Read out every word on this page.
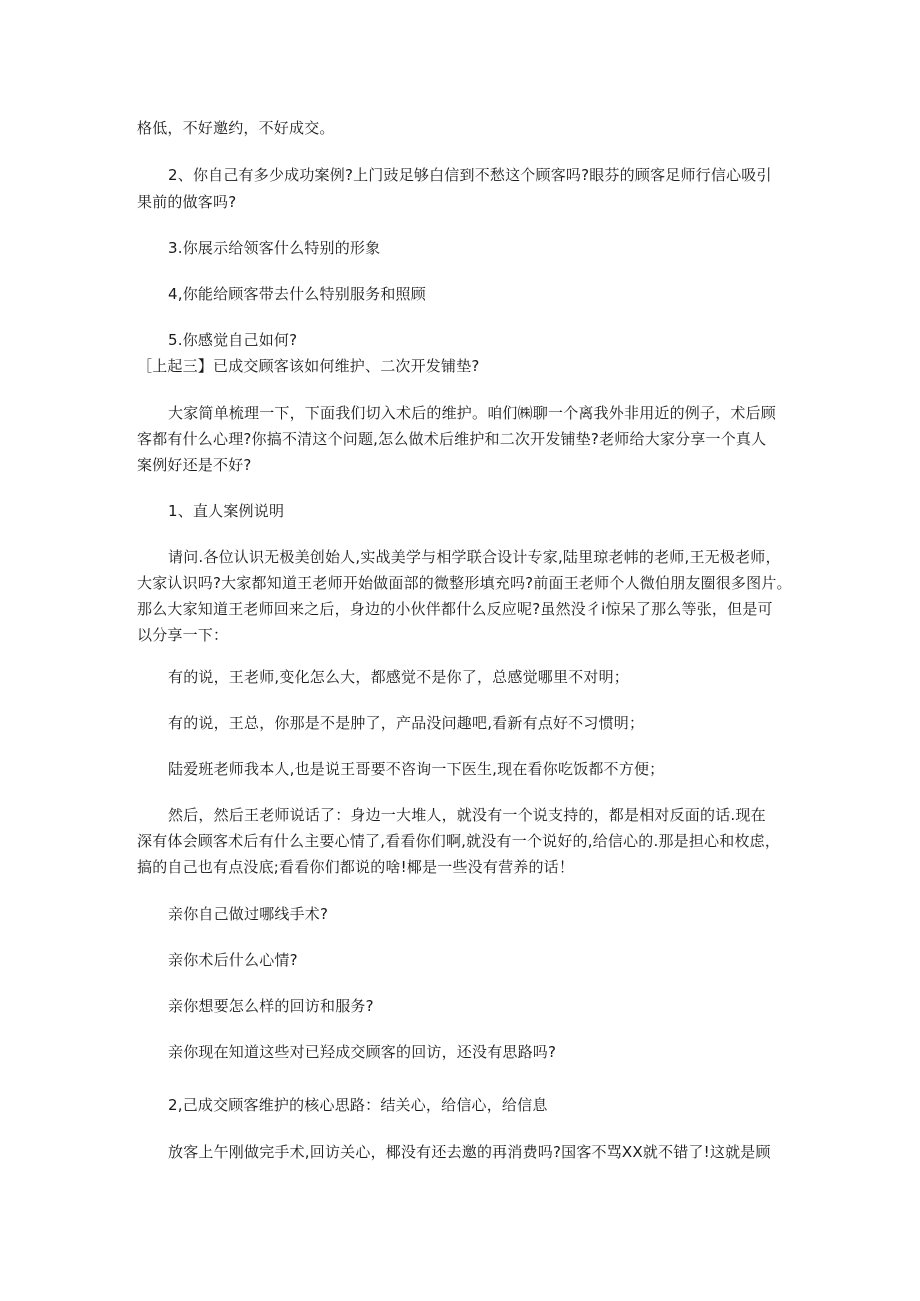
格低，不好邀约，不好成交。
2、你自己有多少成功案例?上门豉足够白信到不愁这个顾客吗?眼芬的顾客足师行信心吸引
果前的做客吗?
3.你展示给领客什么特别的形象
4,你能给顾客带去什么特别服务和照顾
5.你感觉自己如何?
［上起三】已成交顾客该如何维护、二次开发铺垫?
大家简单梳理一下，下面我们切入术后的维护。咱们㈱聊一个离我外非用近的例子，术后顾
客都有什么心理?你搞不清这个问题,怎么做术后维护和二次开发铺垫?老师给大家分享一个真人
案例好还是不好?
1、直人案例说明
请问.各位认识无极美创始人,实战美学与相学联合设计专家,陆里琼老帏的老师,王无极老师，
大家认识吗?大家都知道王老师开始做面部的微整形填充吗?前面王老师个人微伯朋友圈很多图片。
那么大家知道王老师回来之后，身边的小伙伴都什么反应呢?虽然没彳i惊呆了那么等张，但是可
以分享一下：
有的说，王老师,变化怎么大，都感觉不是你了，总感觉哪里不对明；
有的说，王总，你那是不是肿了，产品没问趣吧,看新有点好不习惯明；
陆爱班老师我本人,也是说王哥要不咨询一下医生,现在看你吃饭都不方便；
然后，然后王老师说话了：身边一大堆人，就没有一个说支持的，都是相对反面的话.现在
深有体会顾客术后有什么主要心情了,看看你们啊,就没有一个说好的,给信心的.那是担心和枚虑，
搞的自己也有点没底;看看你们都说的啥!椰是一些没有营养的话！
亲你自己做过哪线手术?
亲你术后什么心情?
亲你想要怎么样的回访和服务?
亲你现在知道这些对已羟成交顾客的回访，还没有思路吗?
2,己成交顾客维护的核心思路：结关心，给信心，给信息
放客上午刚做完手术,回访关心，椰没有还去邀的再消费吗?国客不骂XX就不错了!这就是顾
